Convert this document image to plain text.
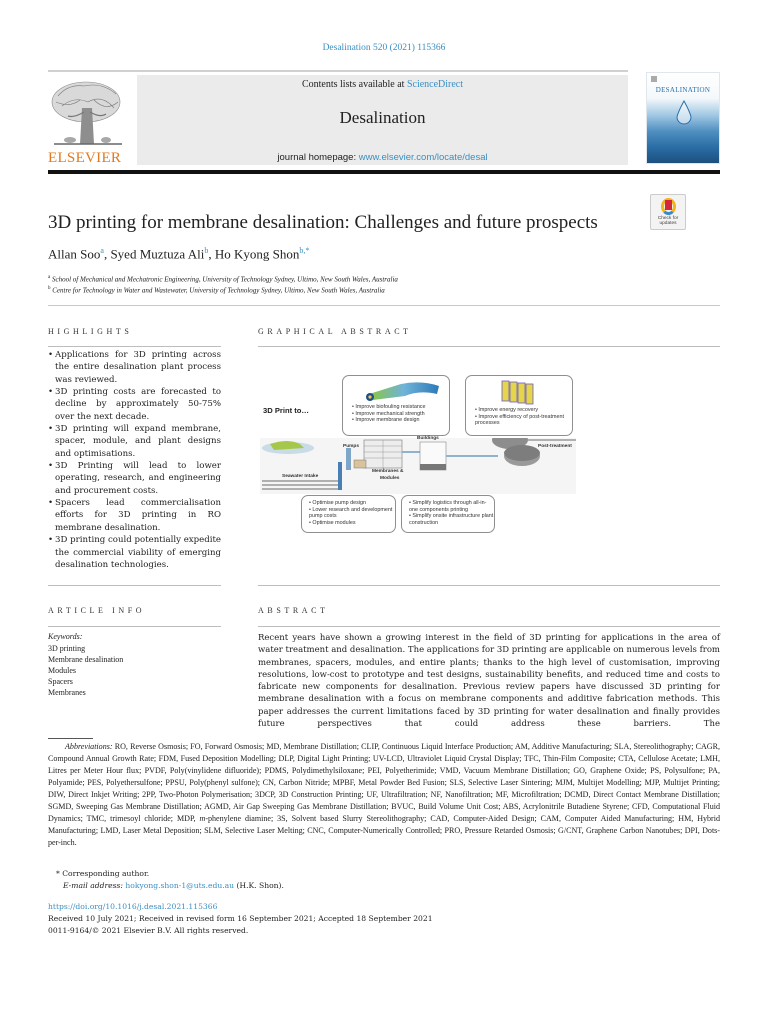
Desalination 520 (2021) 115366
ELSEVIER
Contents lists available at ScienceDirect
Desalination
journal homepage: www.elsevier.com/locate/desal
DESALINATION
3D printing for membrane desalination: Challenges and future prospects	Check for
updates
Allan Soo$^a$, Syed Muztuza Ali$^b$, Ho Kyong Shon$^{b,*}$
$^a$ School of Mechanical and Mechatronic Engineering, University of Technology Sydney, Ultimo, New South Wales, Australia
$^b$ Centre for Technology in Water and Wastewater, University of Technology Sydney, Ultimo, New South Wales, Australia
HIGHLIGHTS
• Applications for 3D printing across the entire desalination plant process was reviewed.
• 3D printing costs are forecasted to decline by approximately 50-75% over the next decade.
• 3D printing will expand membrane, spacer, module, and plant designs and optimisations.
• 3D Printing will lead to lower operating, research, and engineering and procurement costs.
• Spacers lead commercialisation efforts for 3D printing in RO membrane desalination.
• 3D printing could potentially expedite the commercial viability of emerging desalination technologies.
GRAPHICAL ABSTRACT
3D Print to…	• Improve biofouling resistance
• Improve mechanical strength
• Improve membrane design
• Improve energy recovery
• Improve efficiency of post-treatment processes
Pumps
Buildings
Membranes &
Modules
Post-treatment
Seawater Intake
• Optimise pump design
• Lower research and development pump costs
• Optimise modules
• Simplify logistics through all-in-one components printing
• Simplify onsite infrastructure plant construction
ARTICLE INFO
Keywords:
3D printing
Membrane desalination
Modules
Spacers
Membranes
ABSTRACT

Recent years have shown a growing interest in the field of 3D printing for applications in the area of water treatment and desalination. The applications for 3D printing are applicable on numerous levels from membranes, spacers, modules, and entire plants; thanks to the high level of customisation, improving resolutions, low-cost to prototype and test designs, sustainability benefits, and reduced time and costs to fabricate new components for desalination. Previous review papers have discussed 3D printing for membrane desalination with a focus on membrane components and additive fabrication methods. This paper addresses the current limitations faced by 3D printing for water desalination and finally provides future perspectives that could address these barriers. The

Abbreviations: RO, Reverse Osmosis; FO, Forward Osmosis; MD, Membrane Distillation; CLIP, Continuous Liquid Interface Production; AM, Additive Manufacturing; SLA, Stereolithography; CAGR, Compound Annual Growth Rate; FDM, Fused Deposition Modelling; DLP, Digital Light Printing; UV-LCD, Ultraviolet Liquid Crystal Display; TFC, Thin-Film Composite; CTA, Cellulose Acetate; LMH, Litres per Meter Hour flux; PVDF, Poly(vinylidene difluoride); PDMS, Polydimethylsiloxane; PEI, Polyetherimide; VMD, Vacuum Membrane Distillation; GO, Graphene Oxide; PS, Polysulfone; PA, Polyamide; PES, Polyethersulfone; PPSU, Poly(phenyl sulfone); CN, Carbon Nitride; MPBF, Metal Powder Bed Fusion; SLS, Selective Laser Sintering; MJM, Multijet Modelling; MJP, Multijet Printing; DIW, Direct Inkjet Writing; 2PP, Two-Photon Polymerisation; 3DCP, 3D Construction Printing; UF, Ultrafiltration; NF, Nanofiltration; MF, Microfiltration; DCMD, Direct Contact Membrane Distillation; SGMD, Sweeping Gas Membrane Distillation; AGMD, Air Gap Sweeping Gas Membrane Distillation; BVUC, Build Volume Unit Cost; ABS, Acrylonitrile Butadiene Styrene; CFD, Computational Fluid Dynamics; TMC, trimesoyl chloride; MDP, m-phenylene diamine; 3S, Solvent based Slurry Stereolithography; CAD, Computer-Aided Design; CAM, Computer Aided Manufacturing; HM, Hybrid Manufacturing; LMD, Laser Metal Deposition; SLM, Selective Laser Melting; CNC, Computer-Numerically Controlled; PRO, Pressure Retarded Osmosis; G/CNT, Graphene Carbon Nanotubes; DPI, Dots-per-inch.

* Corresponding author.
E-mail address: hokyong.shon-1@uts.edu.au (H.K. Shon).
https://doi.org/10.1016/j.desal.2021.115366
Received 10 July 2021; Received in revised form 16 September 2021; Accepted 18 September 2021
0011-9164/© 2021 Elsevier B.V. All rights reserved.
